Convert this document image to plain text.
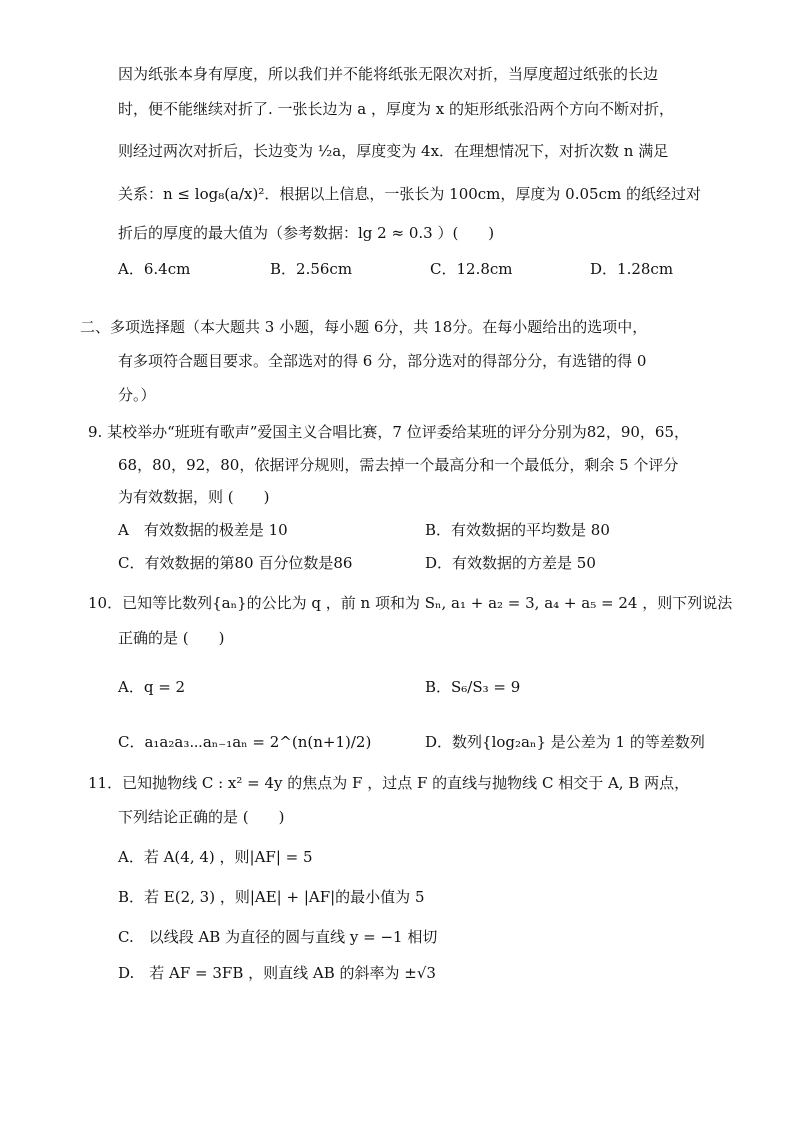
因为纸张本身有厚度，所以我们并不能将纸张无限次对折，当厚度超过纸张的长边
时，便不能继续对折了. 一张长边为 a ，厚度为 x 的矩形纸张沿两个方向不断对折，
则经过两次对折后，长边变为 ½a，厚度变为 4x．在理想情况下，对折次数 n 满足
关系：n ≤ log₈(a/x)²．根据以上信息，一张长为 100cm，厚度为 0.05cm 的纸经过对
折后的厚度的最大值为（参考数据：lg 2 ≈ 0.3 ）(　　)
A．6.4cm	B．2.56cm	C．12.8cm	D．1.28cm
二、多项选择题（本大题共 3 小题，每小题 6分，共 18分。在每小题给出的选项中，
有多项符合题目要求。全部选对的得 6 分，部分选对的得部分分，有选错的得 0
分。）
9. 某校举办“班班有歌声”爱国主义合唱比赛，7 位评委给某班的评分分别为82，90，65，
68，80，92，80，依据评分规则，需去掉一个最高分和一个最低分，剩余 5 个评分
为有效数据，则 (　　)
A　有效数据的极差是 10	B．有效数据的平均数是 80
C．有效数据的第80 百分位数是86	D．有效数据的方差是 50
10．已知等比数列{aₙ}的公比为 q ，前 n 项和为 Sₙ, a₁ + a₂ = 3, a₄ + a₅ = 24 ，则下列说法
正确的是 (　　)
A．q = 2	B．S₆/S₃ = 9
C．a₁a₂a₃⋯aₙ₋₁aₙ = 2^(n(n+1)/2)	D．数列{log₂aₙ} 是公差为 1 的等差数列
11．已知抛物线 C : x² = 4y 的焦点为 F ，过点 F 的直线与抛物线 C 相交于 A, B 两点，
下列结论正确的是 (　　)
A．若 A(4, 4) ，则|AF| = 5
B．若 E(2, 3) ，则|AE| + |AF|的最小值为 5
C.　以线段 AB 为直径的圆与直线 y = −1 相切
D.　若 AF = 3FB ，则直线 AB 的斜率为 ±√3
